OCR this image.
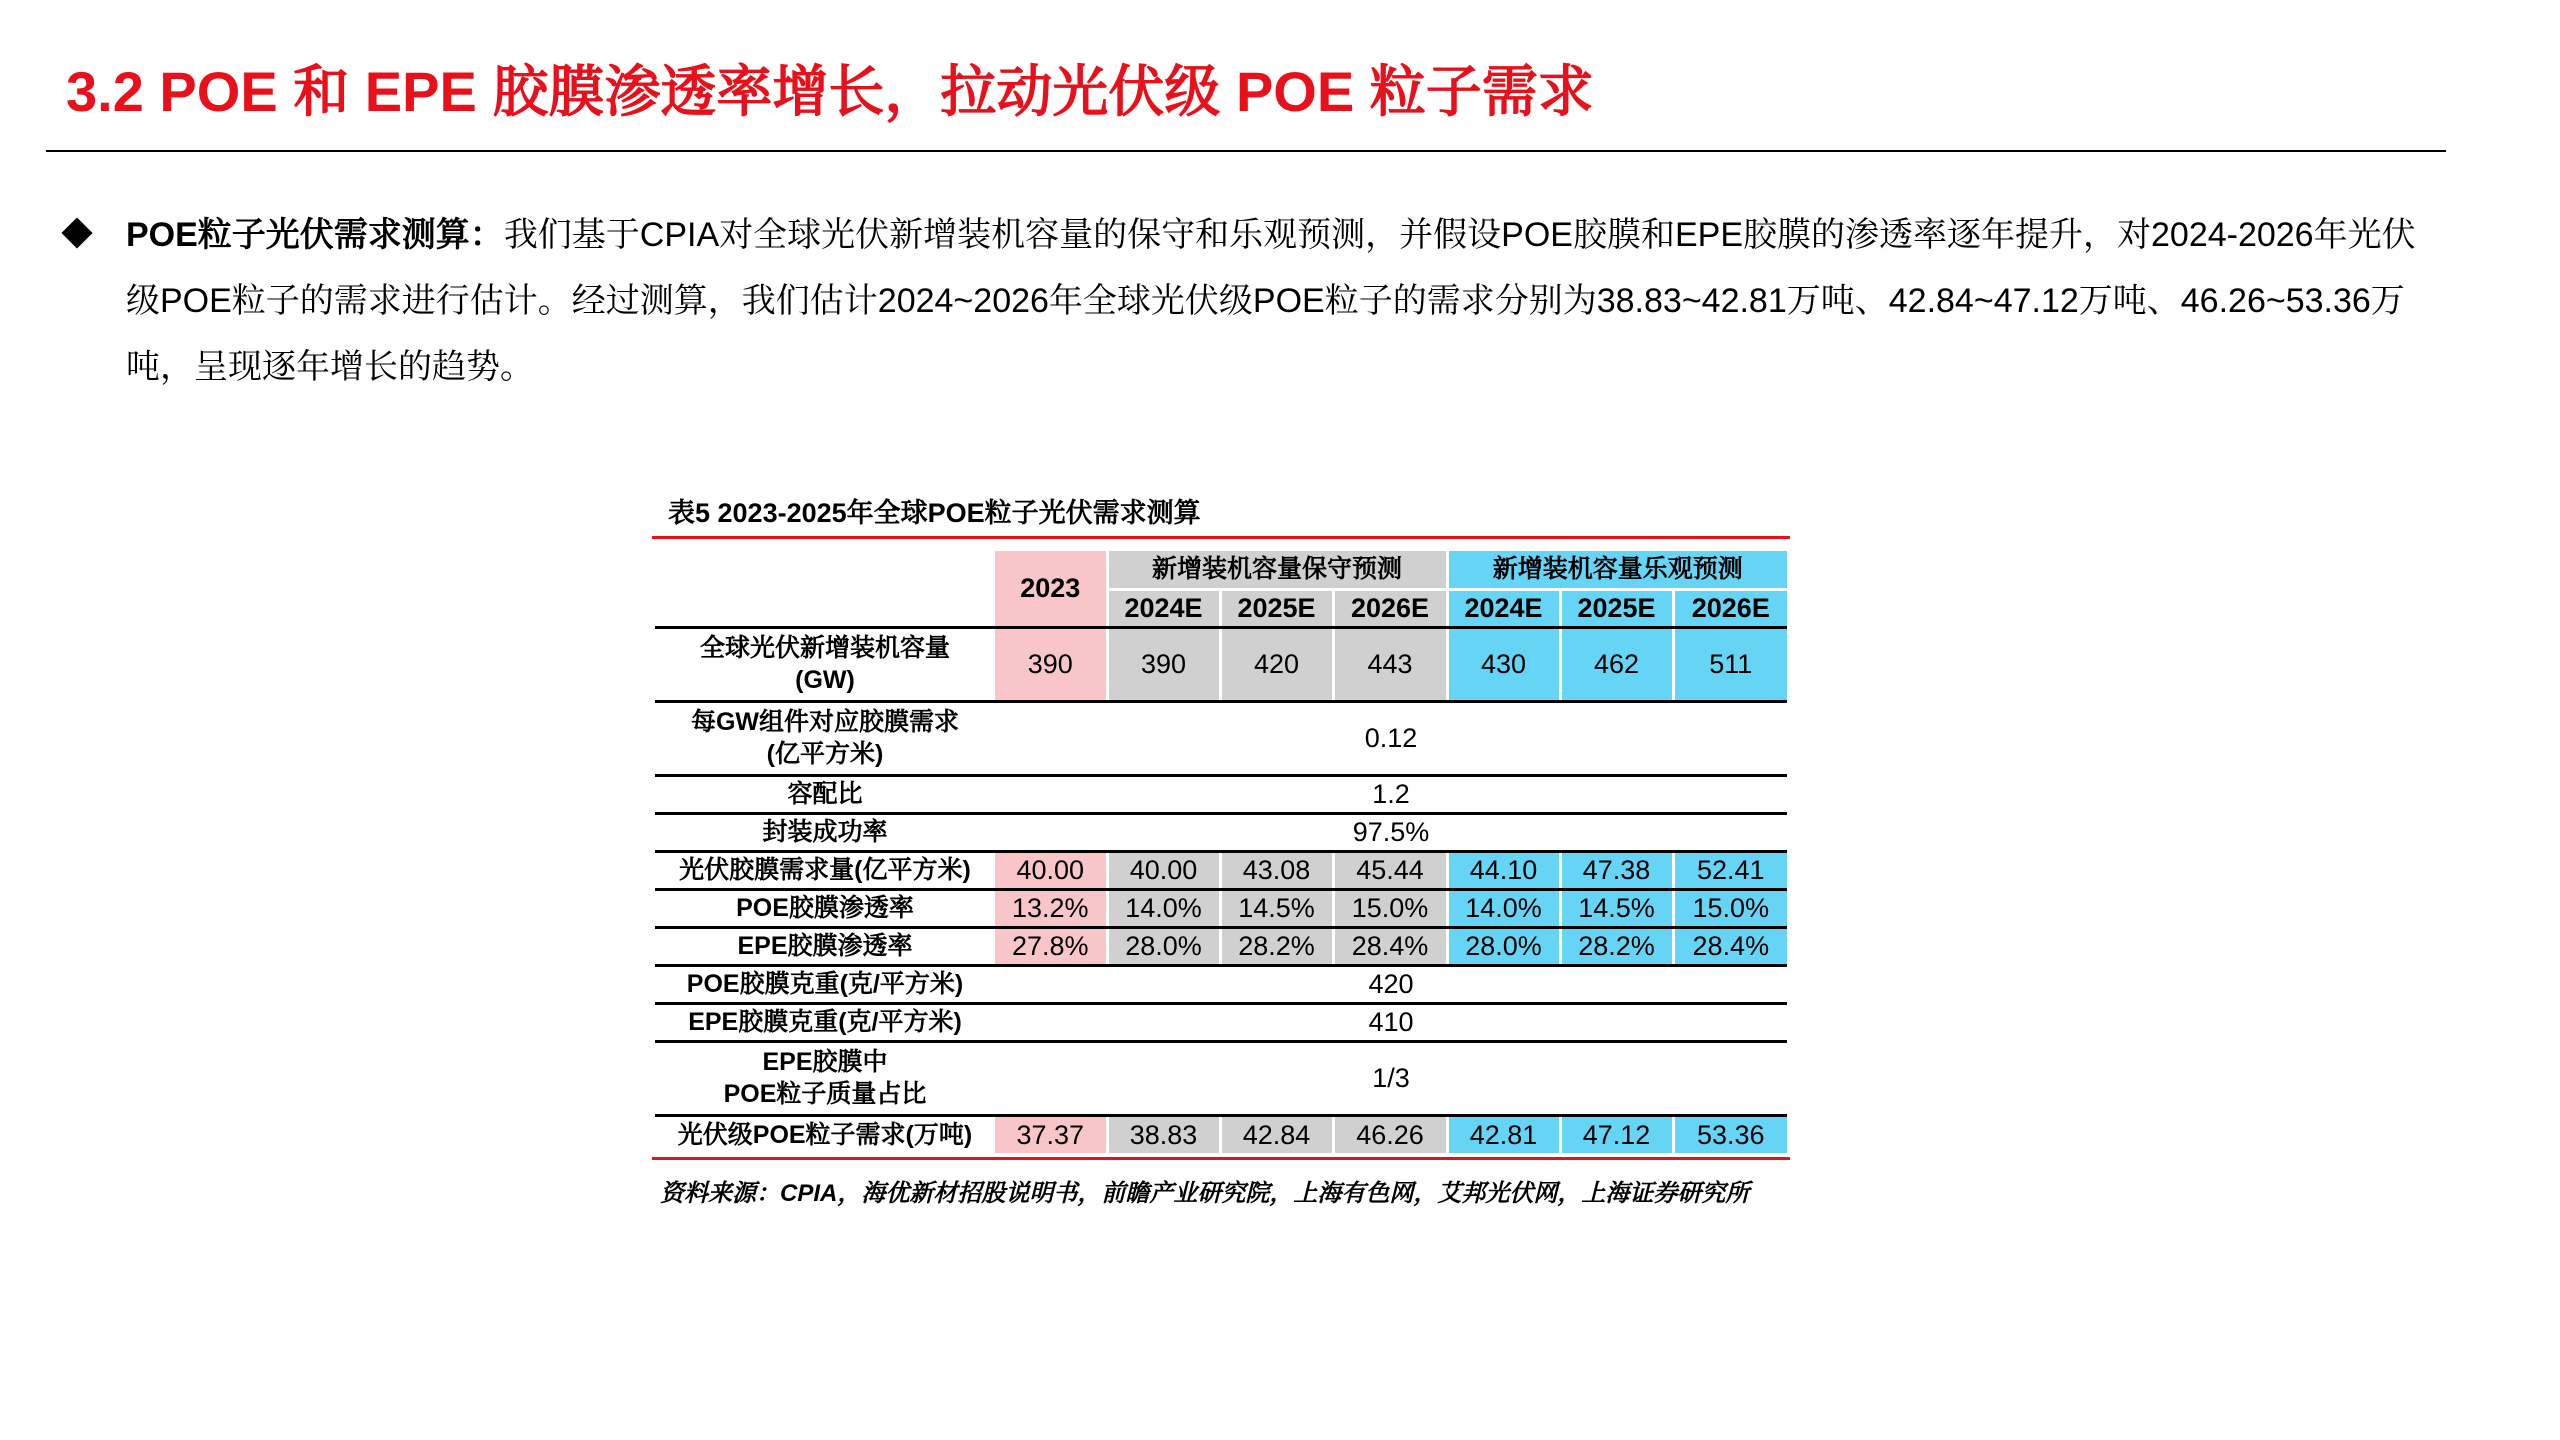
3.2 POE 和 EPE 胶膜渗透率增长，拉动光伏级 POE 粒子需求
POE粒子光伏需求测算：我们基于CPIA对全球光伏新增装机容量的保守和乐观预测，并假设POE胶膜和EPE胶膜的渗透率逐年提升，对2024-2026年光伏级POE粒子的需求进行估计。经过测算，我们估计2024~2026年全球光伏级POE粒子的需求分别为38.83~42.81万吨、42.84~47.12万吨、46.26~53.36万吨，呈现逐年增长的趋势。
表5 2023-2025年全球POE粒子光伏需求测算
	2023	新增装机容量保守预测			新增装机容量乐观预测		
		2024E	2025E	2026E	2024E	2025E	2026E
全球光伏新增装机容量
(GW)	390	390	420	443	430	462	511
每GW组件对应胶膜需求
(亿平方米)	0.12						
容配比	1.2						
封装成功率	97.5%						
光伏胶膜需求量(亿平方米)	40.00	40.00	43.08	45.44	44.10	47.38	52.41
POE胶膜渗透率	13.2%	14.0%	14.5%	15.0%	14.0%	14.5%	15.0%
EPE胶膜渗透率	27.8%	28.0%	28.2%	28.4%	28.0%	28.2%	28.4%
POE胶膜克重(克/平方米)	420						
EPE胶膜克重(克/平方米)	410						
EPE胶膜中
POE粒子质量占比	1/3						
光伏级POE粒子需求(万吨)	37.37	38.83	42.84	46.26	42.81	47.12	53.36
资料来源：CPIA，海优新材招股说明书，前瞻产业研究院，上海有色网，艾邦光伏网，上海证券研究所
